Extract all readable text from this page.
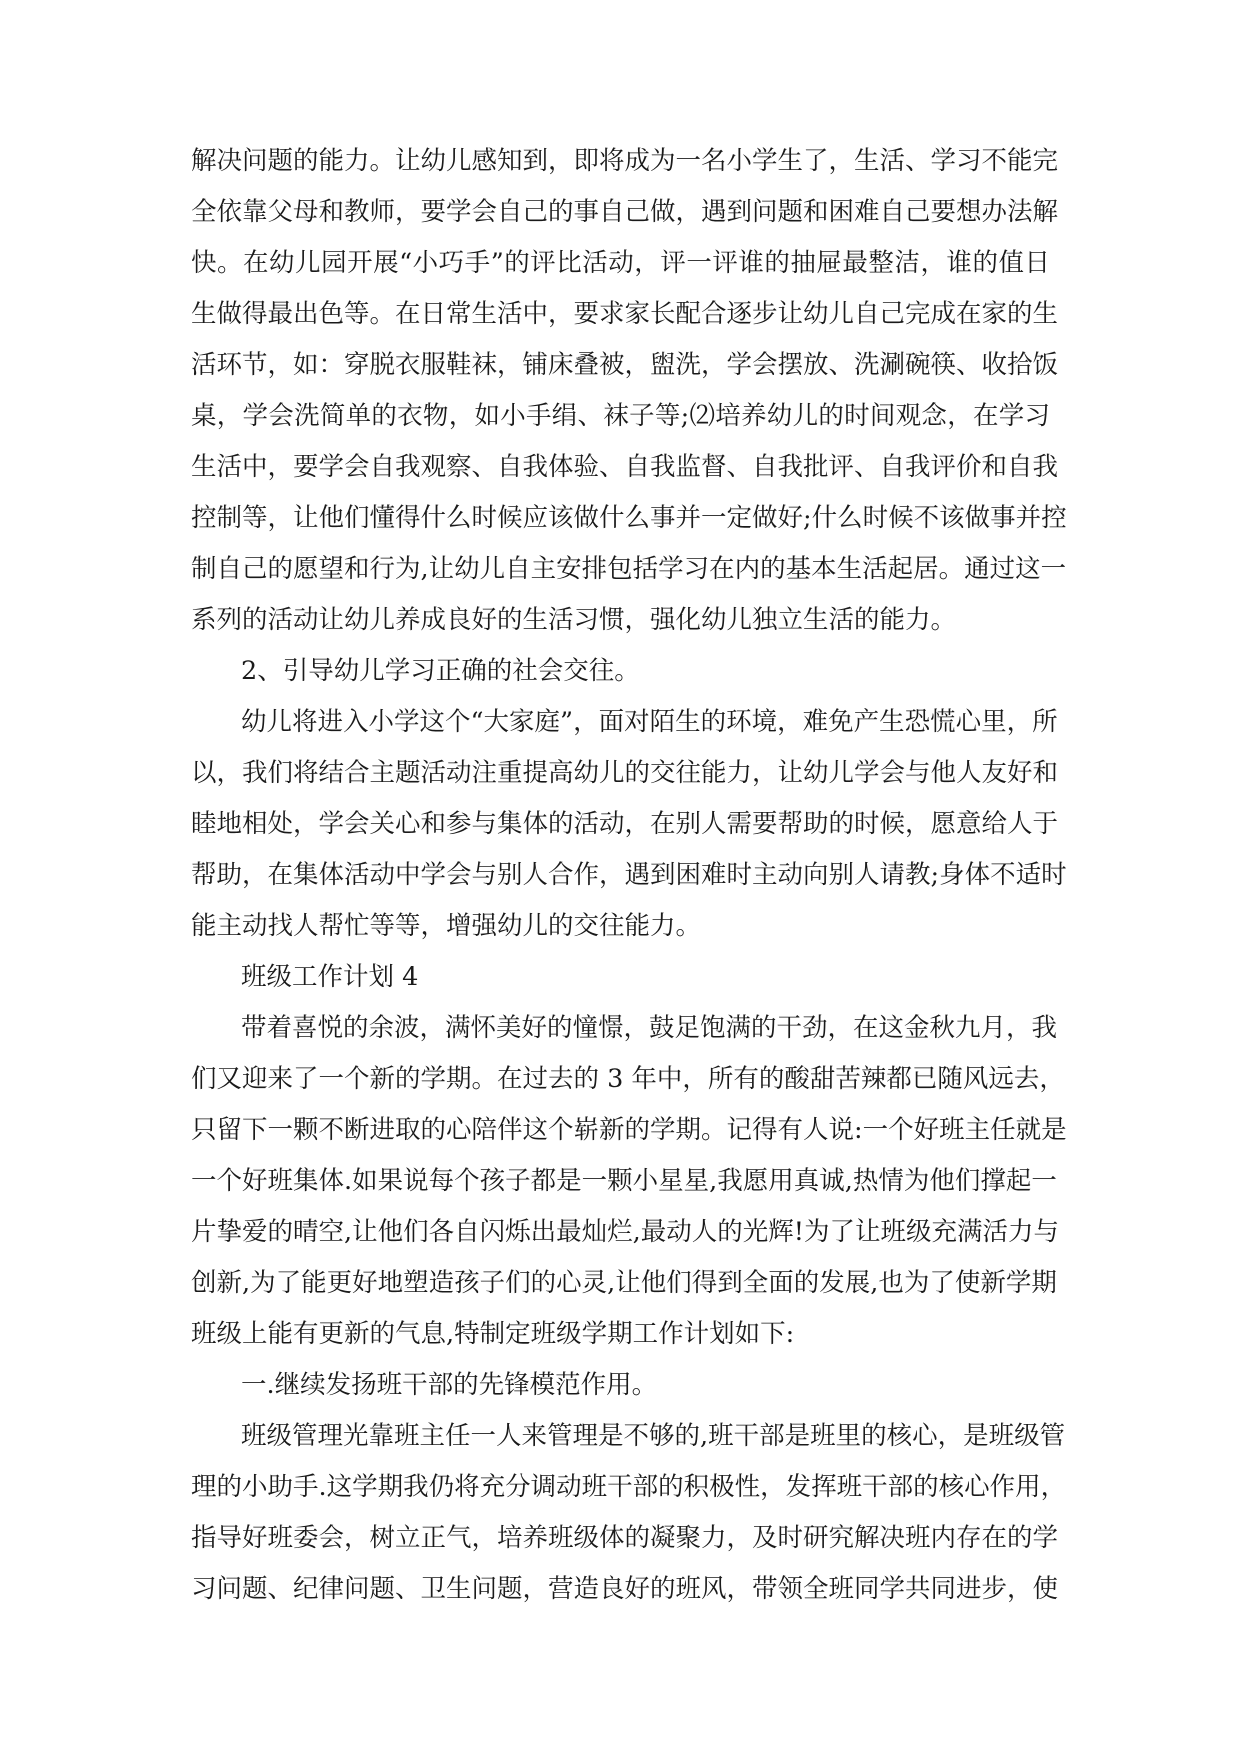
解决问题的能力。让幼儿感知到，即将成为一名小学生了，生活、学习不能完
全依靠父母和教师，要学会自己的事自己做，遇到问题和困难自己要想办法解
快。在幼儿园开展“小巧手”的评比活动，评一评谁的抽屉最整洁，谁的值日
生做得最出色等。在日常生活中，要求家长配合逐步让幼儿自己完成在家的生
活环节，如：穿脱衣服鞋袜，铺床叠被，盥洗，学会摆放、洗涮碗筷、收拾饭
桌，学会洗简单的衣物，如小手绢、袜子等;⑵培养幼儿的时间观念，在学习
生活中，要学会自我观察、自我体验、自我监督、自我批评、自我评价和自我
控制等，让他们懂得什么时候应该做什么事并一定做好;什么时候不该做事并控
制自己的愿望和行为,让幼儿自主安排包括学习在内的基本生活起居。通过这一
系列的活动让幼儿养成良好的生活习惯，强化幼儿独立生活的能力。
2、引导幼儿学习正确的社会交往。
幼儿将进入小学这个“大家庭”，面对陌生的环境，难免产生恐慌心里，所
以，我们将结合主题活动注重提高幼儿的交往能力，让幼儿学会与他人友好和
睦地相处，学会关心和参与集体的活动，在别人需要帮助的时候，愿意给人于
帮助，在集体活动中学会与别人合作，遇到困难时主动向别人请教;身体不适时
能主动找人帮忙等等，增强幼儿的交往能力。
班级工作计划 4
带着喜悦的余波，满怀美好的憧憬，鼓足饱满的干劲，在这金秋九月，我
们又迎来了一个新的学期。在过去的 3 年中，所有的酸甜苦辣都已随风远去，
只留下一颗不断进取的心陪伴这个崭新的学期。记得有人说:一个好班主任就是
一个好班集体.如果说每个孩子都是一颗小星星,我愿用真诚,热情为他们撑起一
片挚爱的晴空,让他们各自闪烁出最灿烂,最动人的光辉!为了让班级充满活力与
创新,为了能更好地塑造孩子们的心灵,让他们得到全面的发展,也为了使新学期
班级上能有更新的气息,特制定班级学期工作计划如下:
一.继续发扬班干部的先锋模范作用。
班级管理光靠班主任一人来管理是不够的,班干部是班里的核心，是班级管
理的小助手.这学期我仍将充分调动班干部的积极性，发挥班干部的核心作用，
指导好班委会，树立正气，培养班级体的凝聚力，及时研究解决班内存在的学
习问题、纪律问题、卫生问题，营造良好的班风，带领全班同学共同进步，使
